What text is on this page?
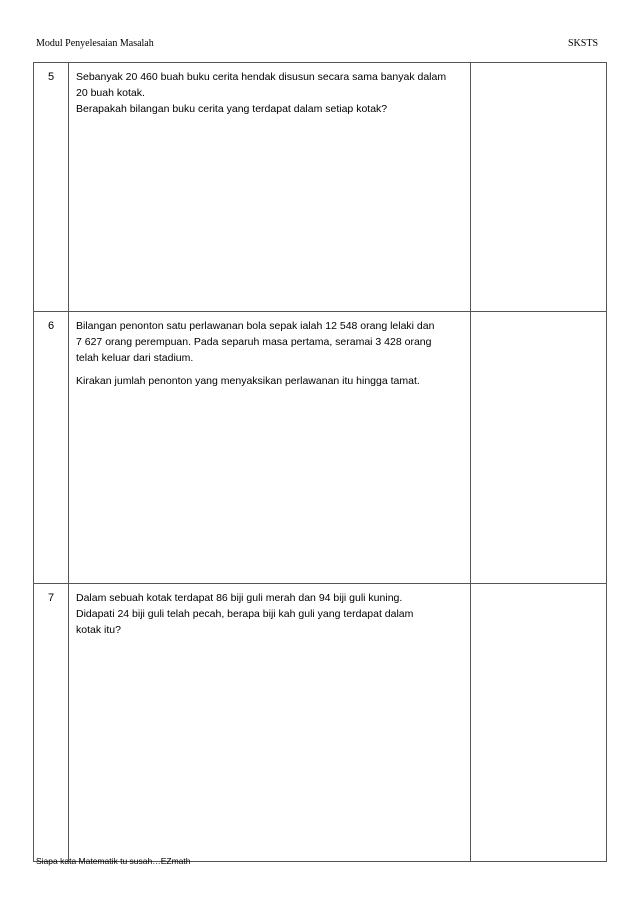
Modul Penyelesaian Masalah	SKSTS
5	Sebanyak 20 460 buah buku cerita hendak disusun secara sama banyak dalam
20 buah kotak.
Berapakah bilangan buku cerita yang terdapat dalam setiap kotak?	

6	Bilangan penonton satu perlawanan bola sepak ialah 12 548 orang lelaki dan
7 627 orang perempuan. Pada separuh masa pertama, seramai 3 428 orang
telah keluar dari stadium.
Kirakan jumlah penonton yang menyaksikan perlawanan itu hingga tamat.	

7	Dalam sebuah kotak terdapat 86 biji guli merah dan 94 biji guli kuning.
Didapati 24 biji guli telah pecah, berapa biji kah guli yang terdapat dalam
kotak itu?	

Siapa kata Matematik tu susah…EZmath
